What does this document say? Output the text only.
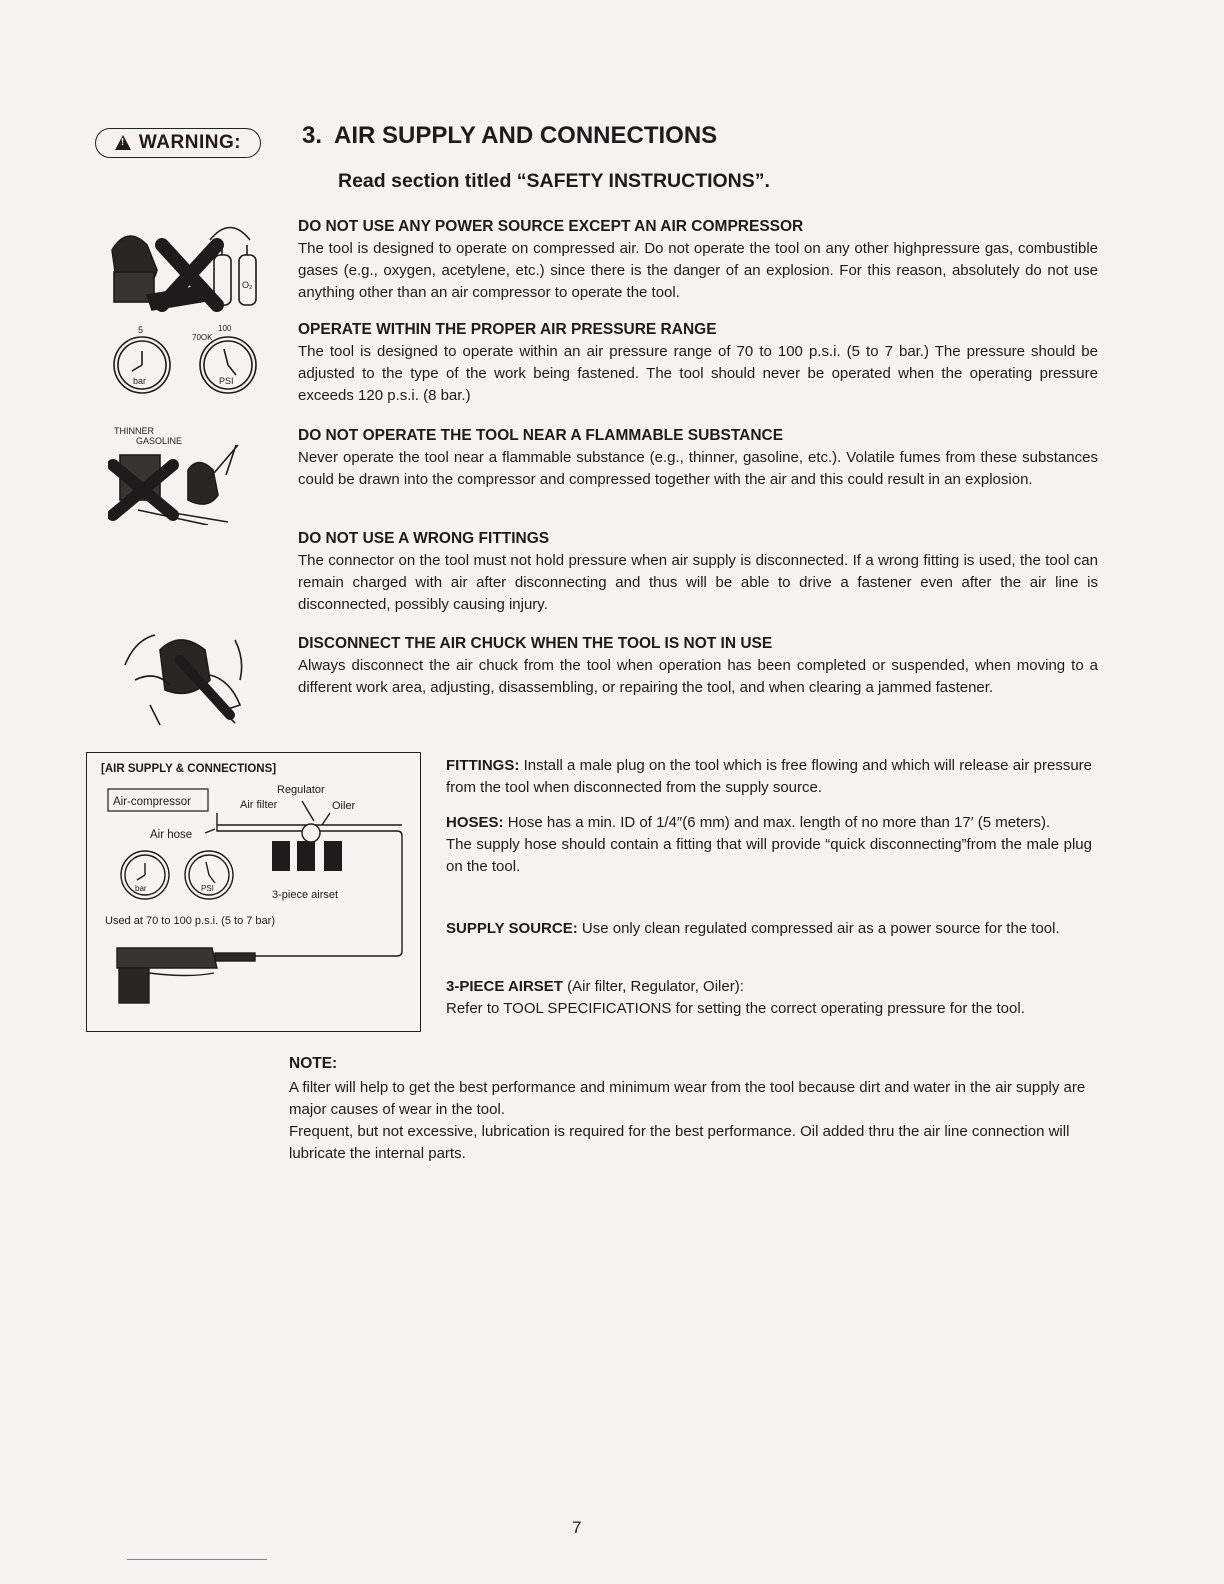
!
WARNING:	3. AIR SUPPLY AND CONNECTIONS
Read section titled “SAFETY INSTRUCTIONS”.
DO NOT USE ANY POWER SOURCE EXCEPT AN AIR COMPRESSOR

The tool is designed to operate on compressed air. Do not operate the tool on any other highpressure gas, combustible gases (e.g., oxygen, acetylene, etc.) since there is the danger of an explosion. For this reason, absolutely do not use anything other than an air compressor to operate the tool.

OPERATE WITHIN THE PROPER AIR PRESSURE RANGE

The tool is designed to operate within an air pressure range of 70 to 100 p.s.i. (5 to 7 bar.) The pressure should be adjusted to the type of the work being fastened. The tool should never be operated when the operating pressure exceeds 120 p.s.i. (8 bar.)

DO NOT OPERATE THE TOOL NEAR A FLAMMABLE SUBSTANCE

Never operate the tool near a flammable substance (e.g., thinner, gasoline, etc.). Volatile fumes from these substances could be drawn into the compressor and compressed together with the air and this could result in an explosion.

DO NOT USE A WRONG FITTINGS

The connector on the tool must not hold pressure when air supply is disconnected. If a wrong fitting is used, the tool can remain charged with air after disconnecting and thus will be able to drive a fastener even after the air line is disconnected, possibly causing injury.

DISCONNECT THE AIR CHUCK WHEN THE TOOL IS NOT IN USE

Always disconnect the air chuck from the tool when operation has been completed or suspended, when moving to a different work area, adjusting, disassembling, or repairing the tool, and when clearing a jammed fastener.

O₂
5
70OK
100
bar	PSI
THINNER
GASOLINE
[AIR SUPPLY & CONNECTIONS]
Regulator
Air-compressor	Air filter	Oiler
Air hose
3-piece airset
bar	PSI
Used at 70 to 100 p.s.i. (5 to 7 bar)

FITTINGS: Install a male plug on the tool which is free flowing and which will release air pressure from the tool when disconnected from the supply source.

HOSES: Hose has a min. ID of 1/4″(6 mm) and max. length of no more than 17′ (5 meters).

The supply hose should contain a fitting that will provide “quick disconnecting”from the male plug on the tool.

SUPPLY SOURCE: Use only clean regulated compressed air as a power source for the tool.

3-PIECE AIRSET (Air filter, Regulator, Oiler):

Refer to TOOL SPECIFICATIONS for setting the correct operating pressure for the tool.

NOTE:

A filter will help to get the best performance and minimum wear from the tool because dirt and water in the air supply are major causes of wear in the tool.

Frequent, but not excessive, lubrication is required for the best performance. Oil added thru the air line connection will lubricate the internal parts.

7
